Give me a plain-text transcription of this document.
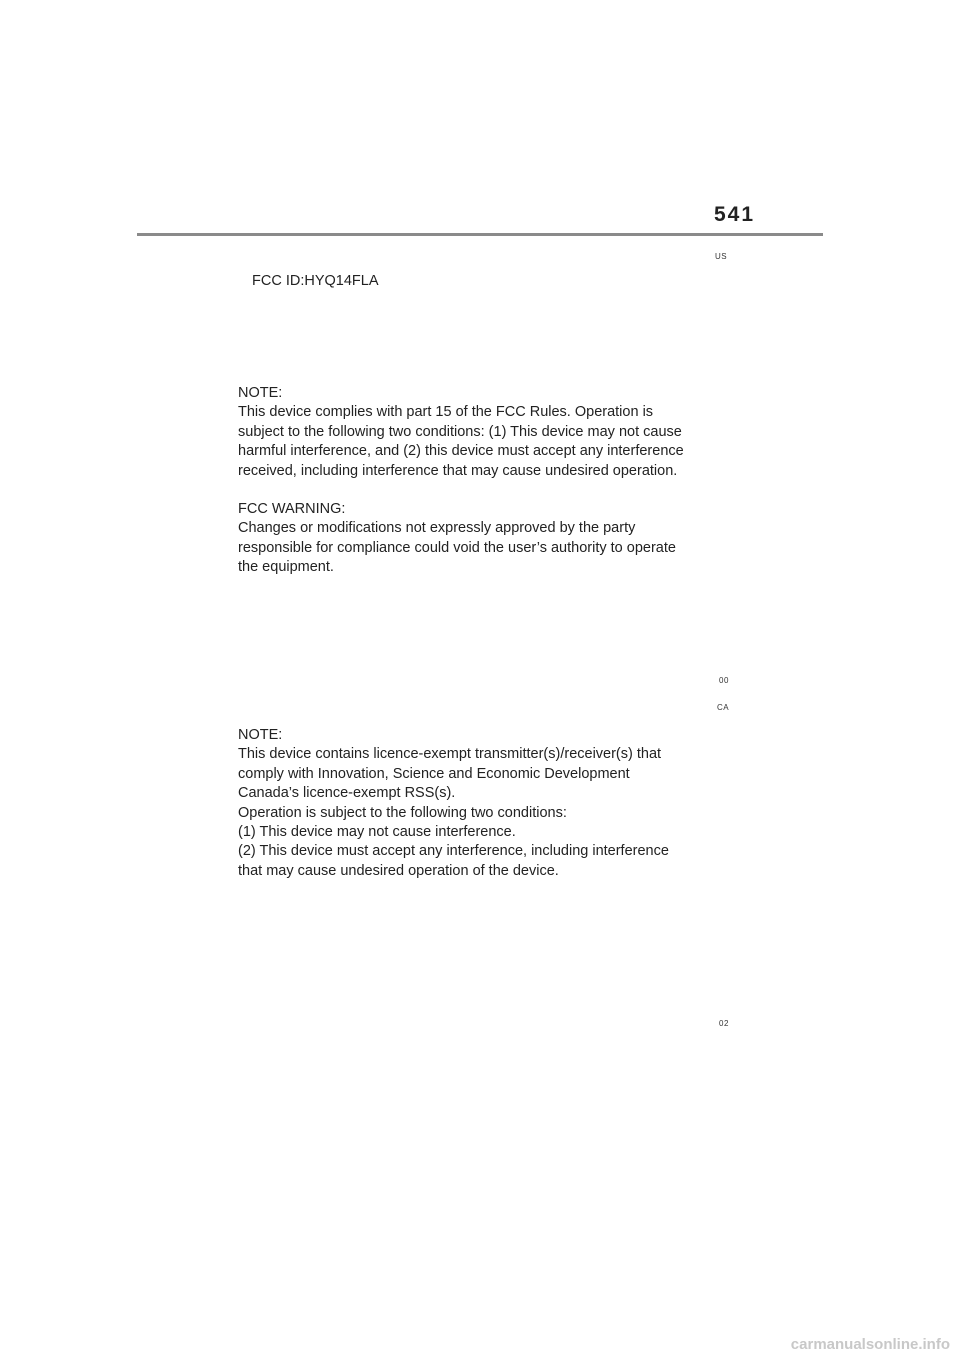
541
US
FCC ID:HYQ14FLA

NOTE:

This device complies with part 15 of the FCC Rules. Operation is

subject to the following two conditions: (1) This device may not cause

harmful interference, and (2) this device must accept any interference

received, including interference that may cause undesired operation.

FCC WARNING:

Changes or modifications not expressly approved by the party

responsible for compliance could void the user’s authority to operate

the equipment.

00
CA

NOTE:

This device contains licence-exempt transmitter(s)/receiver(s) that

comply with Innovation, Science and Economic Development

Canada’s licence-exempt RSS(s).

Operation is subject to the following two conditions:

(1) This device may not cause interference.

(2) This device must accept any interference, including interference

that may cause undesired operation of the device.

02
carmanualsonline.info
